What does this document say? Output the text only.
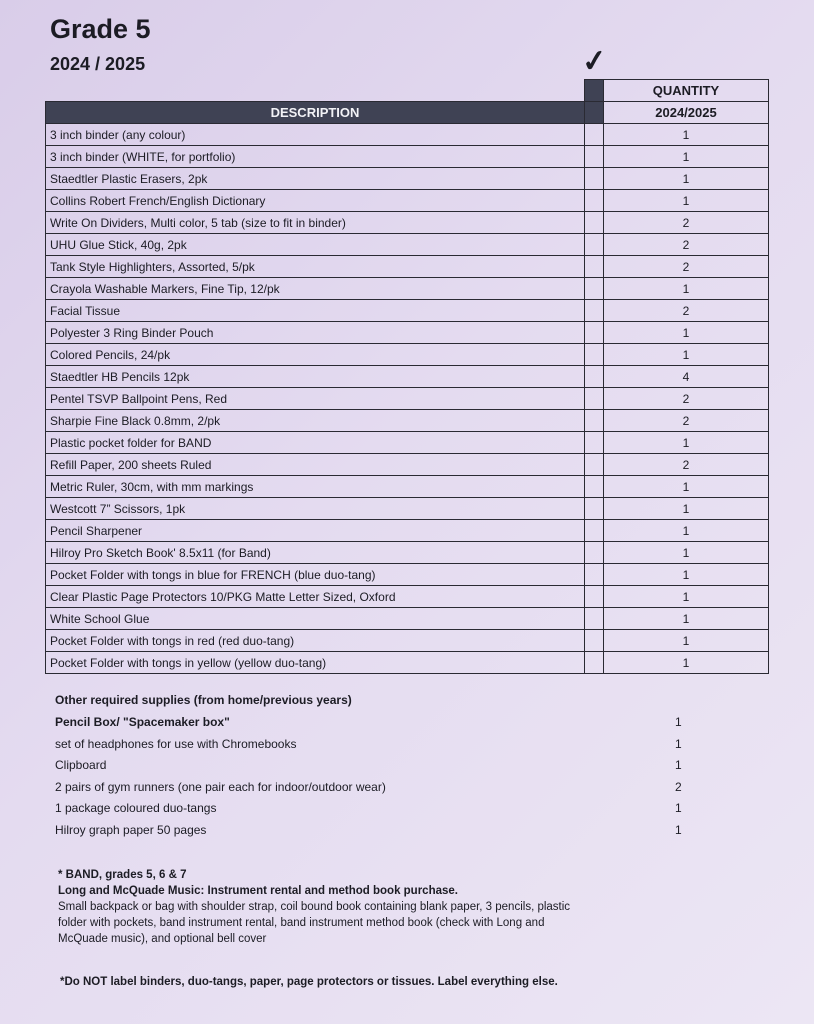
Grade 5
2024 / 2025	✓
		QUANTITY
DESCRIPTION		2024/2025
3 inch binder (any colour)		1
3 inch binder (WHITE, for portfolio)		1
Staedtler Plastic Erasers, 2pk		1
Collins Robert French/English Dictionary		1
Write On Dividers, Multi color, 5 tab (size to fit in binder)		2
UHU Glue Stick, 40g, 2pk		2
Tank Style Highlighters, Assorted, 5/pk		2
Crayola Washable Markers, Fine Tip, 12/pk		1
Facial Tissue		2
Polyester 3 Ring Binder Pouch		1
Colored Pencils, 24/pk		1
Staedtler HB Pencils 12pk		4
Pentel TSVP Ballpoint Pens, Red		2
Sharpie Fine Black 0.8mm, 2/pk		2
Plastic pocket folder for BAND		1
Refill Paper, 200 sheets Ruled		2
Metric Ruler, 30cm, with mm markings		1
Westcott 7” Scissors, 1pk		1
Pencil Sharpener		1
Hilroy Pro Sketch Book' 8.5x11 (for Band)		1
Pocket Folder with tongs in blue for FRENCH (blue duo-tang)		1
Clear Plastic Page Protectors 10/PKG Matte Letter Sized, Oxford		1
White School Glue		1
Pocket Folder with tongs in red (red duo-tang)		1
Pocket Folder with tongs in yellow (yellow duo-tang)		1
Other required supplies (from home/previous years)
Pencil Box/ "Spacemaker box"	1
set of headphones for use with Chromebooks	1
Clipboard	1
2 pairs of gym runners (one pair each for indoor/outdoor wear)	2
1 package coloured duo-tangs	1
Hilroy graph paper 50 pages	1
* BAND, grades 5, 6 & 7
Long and McQuade Music: Instrument rental and method book purchase.
Small backpack or bag with shoulder strap, coil bound book containing blank paper, 3 pencils, plastic folder with pockets, band instrument rental, band instrument method book (check with Long and McQuade music), and optional bell cover
*Do NOT label binders, duo-tangs, paper, page protectors or tissues. Label everything else.
